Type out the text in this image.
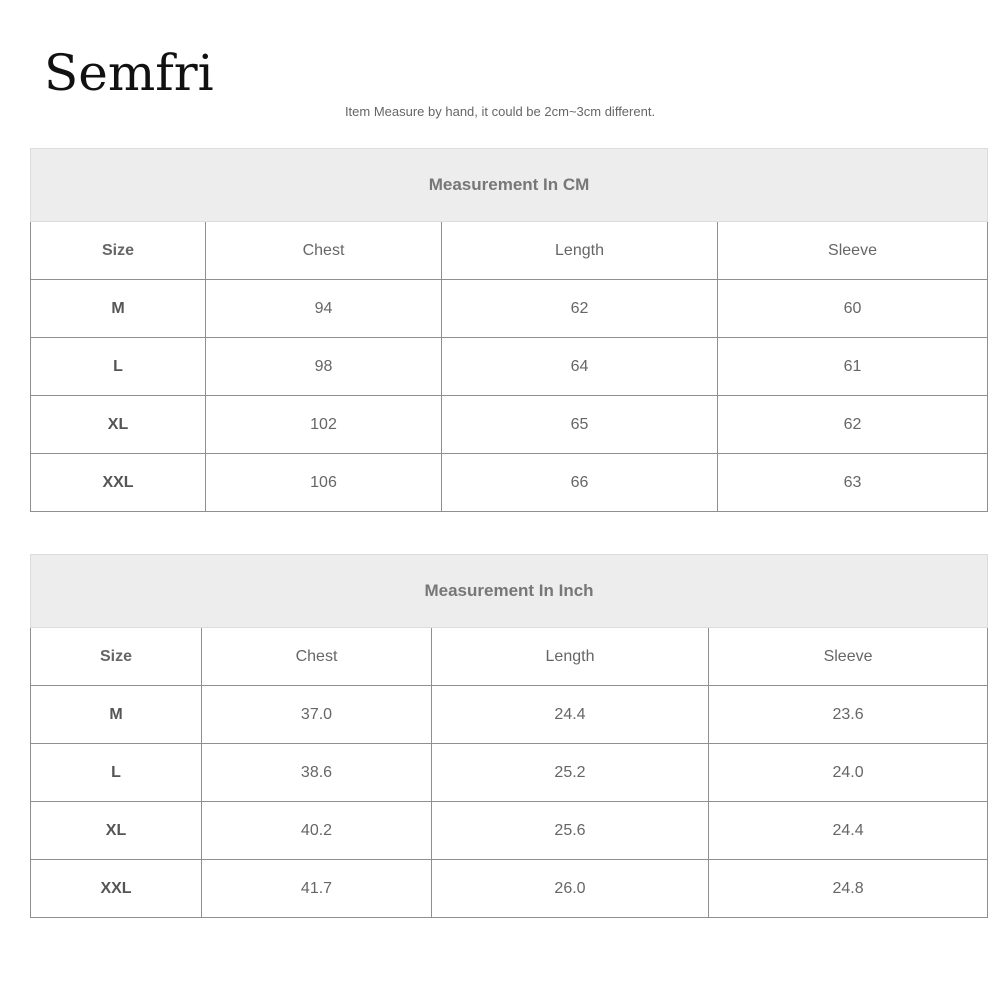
Semfri
Item Measure by hand, it could be 2cm~3cm different.
Measurement In CM			
Size	Chest	Length	Sleeve
M	94	62	60
L	98	64	61
XL	102	65	62
XXL	106	66	63
Measurement In Inch			
Size	Chest	Length	Sleeve
M	37.0	24.4	23.6
L	38.6	25.2	24.0
XL	40.2	25.6	24.4
XXL	41.7	26.0	24.8
